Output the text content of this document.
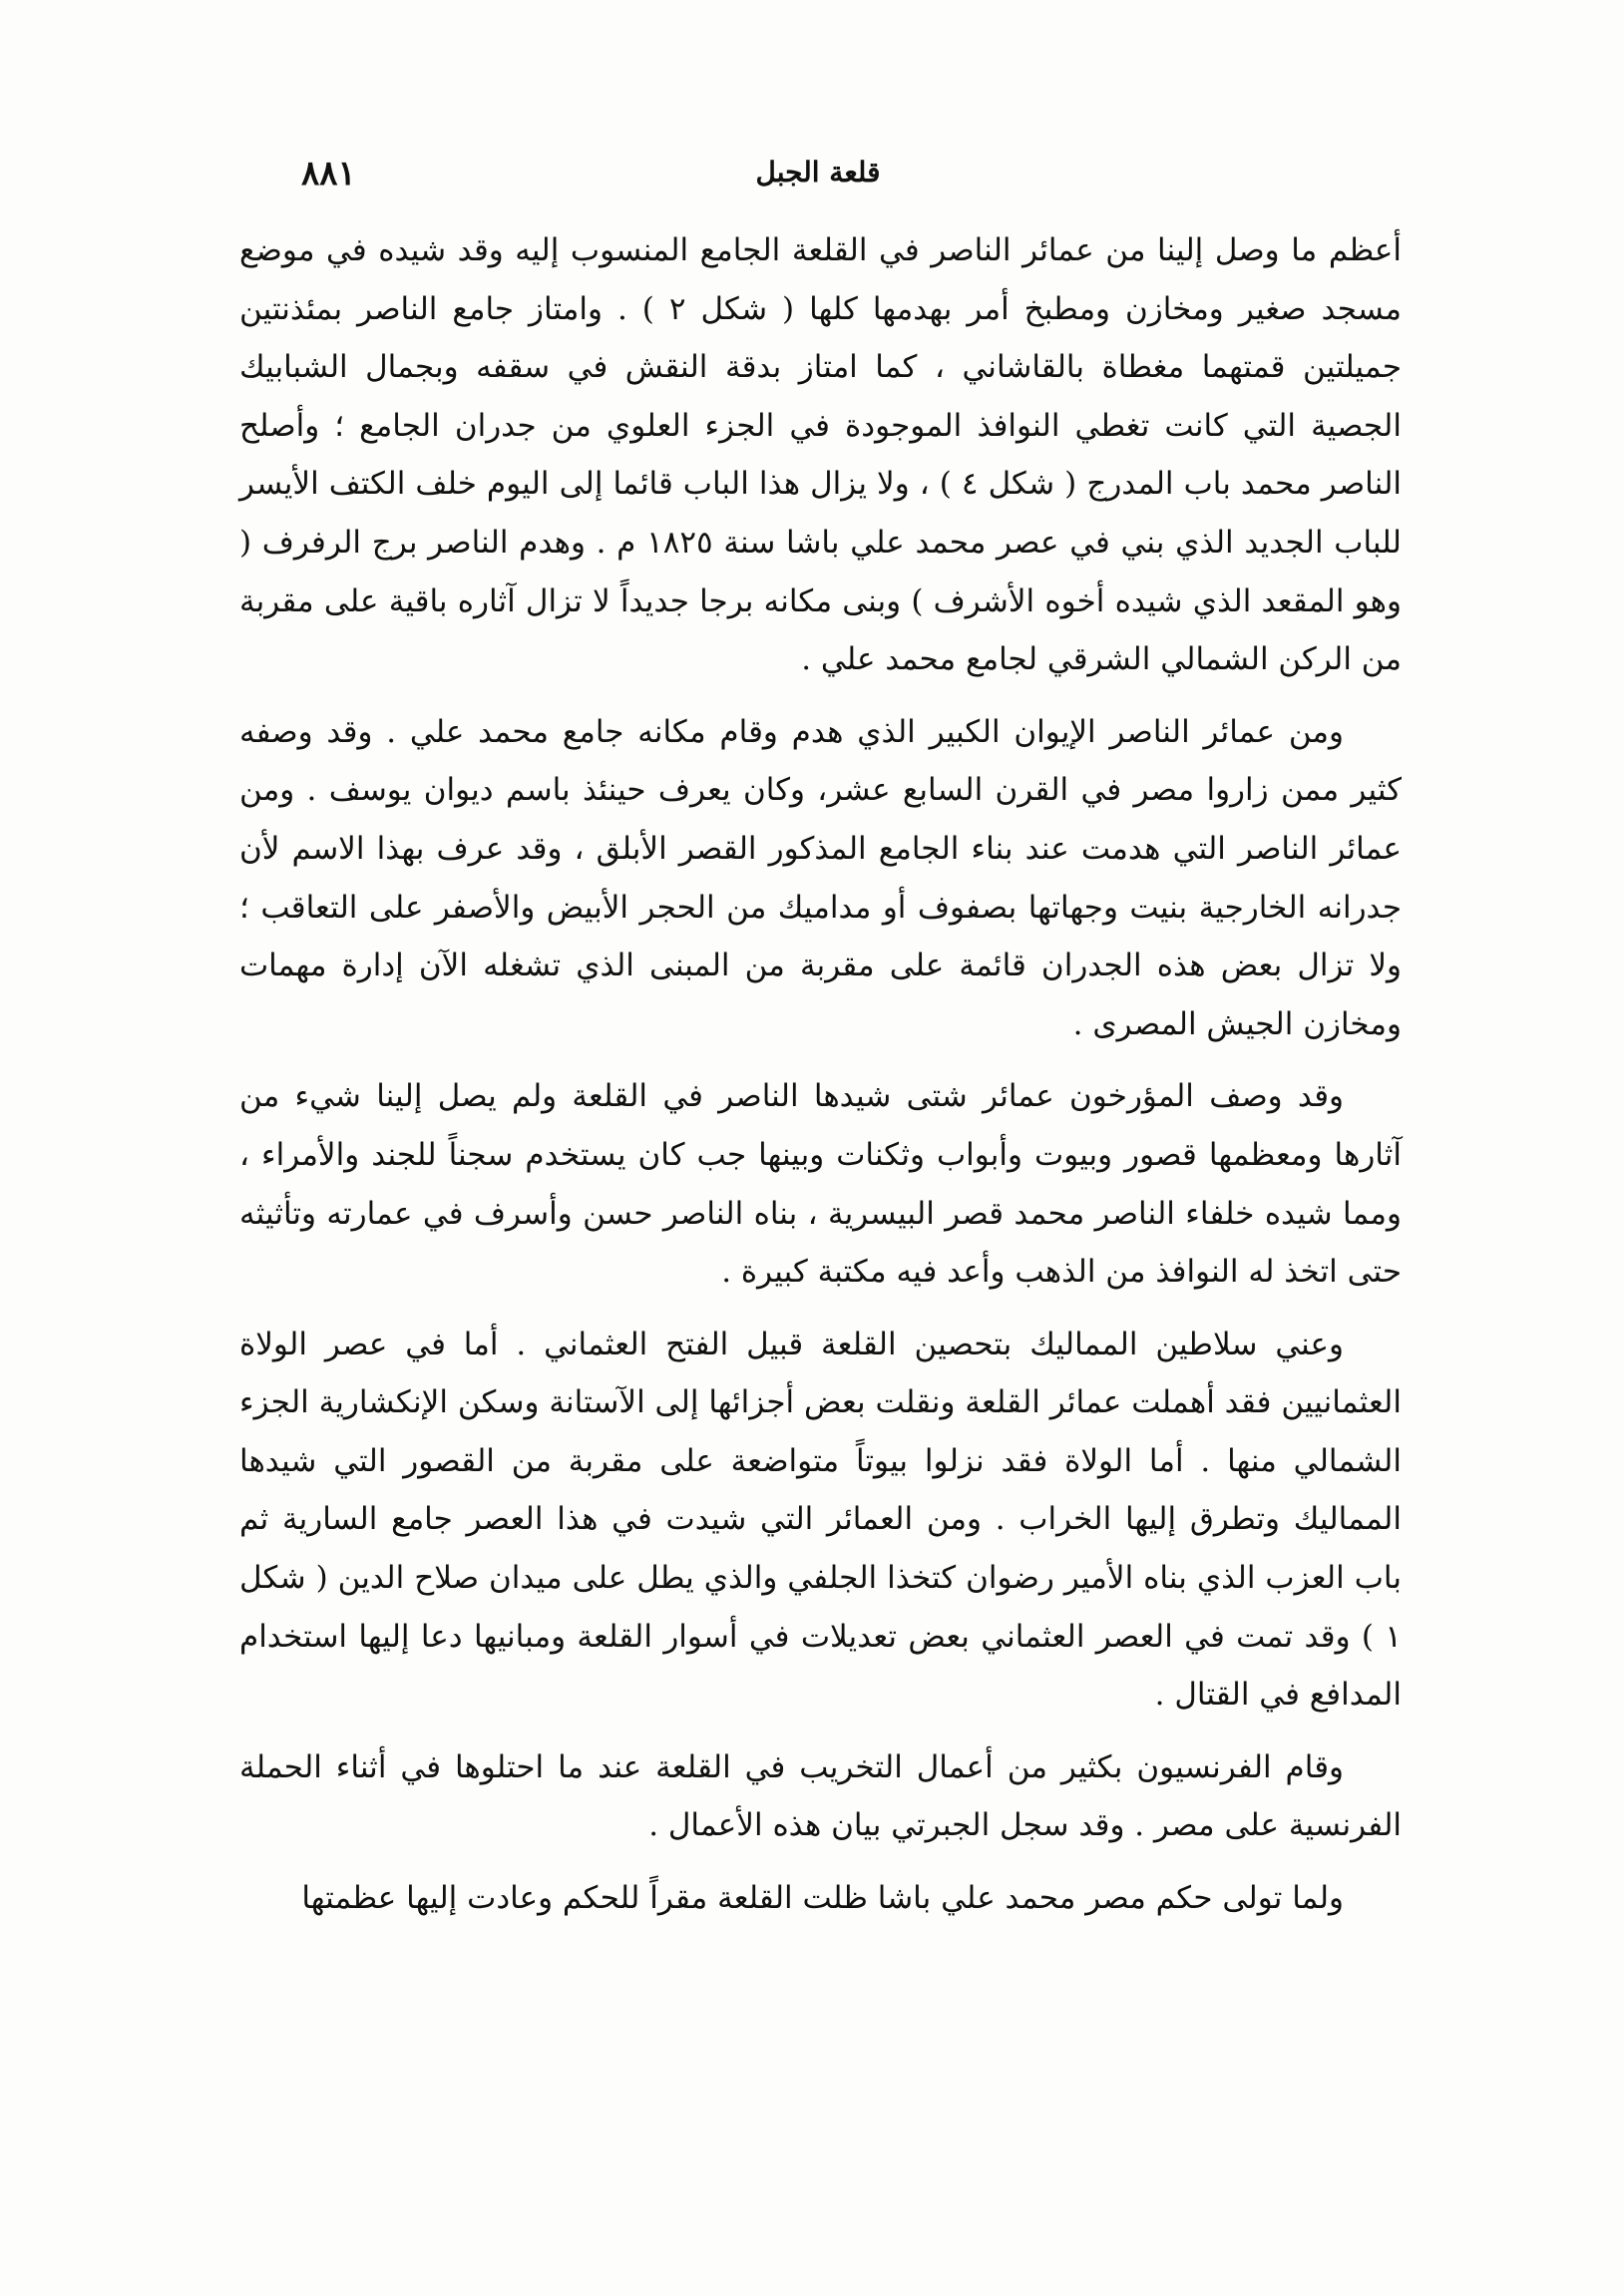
قلعة الجبل
٨٨١

أعظم ما وصل إلينا من عمائر الناصر في القلعة الجامع المنسوب إليه وقد شيده في موضع مسجد صغير ومخازن ومطبخ أمر بهدمها كلها ( شكل ٢ ) . وامتاز جامع الناصر بمئذنتين جميلتين قمتهما مغطاة بالقاشاني ، كما امتاز بدقة النقش في سقفه وبجمال الشبابيك الجصية التي كانت تغطي النوافذ الموجودة في الجزء العلوي من جدران الجامع ؛ وأصلح الناصر محمد باب المدرج ( شكل ٤ ) ، ولا يزال هذا الباب قائما إلى اليوم خلف الكتف الأيسر للباب الجديد الذي بني في عصر محمد علي باشا سنة ١٨٢٥ م . وهدم الناصر برج الرفرف ( وهو المقعد الذي شيده أخوه الأشرف ) وبنى مكانه برجا جديداً لا تزال آثاره باقية على مقربة من الركن الشمالي الشرقي لجامع محمد علي .

ومن عمائر الناصر الإيوان الكبير الذي هدم وقام مكانه جامع محمد علي . وقد وصفه كثير ممن زاروا مصر في القرن السابع عشر، وكان يعرف حينئذ باسم ديوان يوسف . ومن عمائر الناصر التي هدمت عند بناء الجامع المذكور القصر الأبلق ، وقد عرف بهذا الاسم لأن جدرانه الخارجية بنيت وجهاتها بصفوف أو مداميك من الحجر الأبيض والأصفر على التعاقب ؛ ولا تزال بعض هذه الجدران قائمة على مقربة من المبنى الذي تشغله الآن إدارة مهمات ومخازن الجيش المصرى .

وقد وصف المؤرخون عمائر شتى شيدها الناصر في القلعة ولم يصل إلينا شيء من آثارها ومعظمها قصور وبيوت وأبواب وثكنات وبينها جب كان يستخدم سجناً للجند والأمراء ، ومما شيده خلفاء الناصر محمد قصر البيسرية ، بناه الناصر حسن وأسرف في عمارته وتأثيثه حتى اتخذ له النوافذ من الذهب وأعد فيه مكتبة كبيرة .

وعني سلاطين المماليك بتحصين القلعة قبيل الفتح العثماني . أما في عصر الولاة العثمانيين فقد أهملت عمائر القلعة ونقلت بعض أجزائها إلى الآستانة وسكن الإنكشارية الجزء الشمالي منها . أما الولاة فقد نزلوا بيوتاً متواضعة على مقربة من القصور التي شيدها المماليك وتطرق إليها الخراب . ومن العمائر التي شيدت في هذا العصر جامع السارية ثم باب العزب الذي بناه الأمير رضوان كتخذا الجلفي والذي يطل على ميدان صلاح الدين ( شكل ١ ) وقد تمت في العصر العثماني بعض تعديلات في أسوار القلعة ومبانيها دعا إليها استخدام المدافع في القتال .

وقام الفرنسيون بكثير من أعمال التخريب في القلعة عند ما احتلوها في أثناء الحملة الفرنسية على مصر . وقد سجل الجبرتي بيان هذه الأعمال .

ولما تولى حكم مصر محمد علي باشا ظلت القلعة مقراً للحكم وعادت إليها عظمتها
